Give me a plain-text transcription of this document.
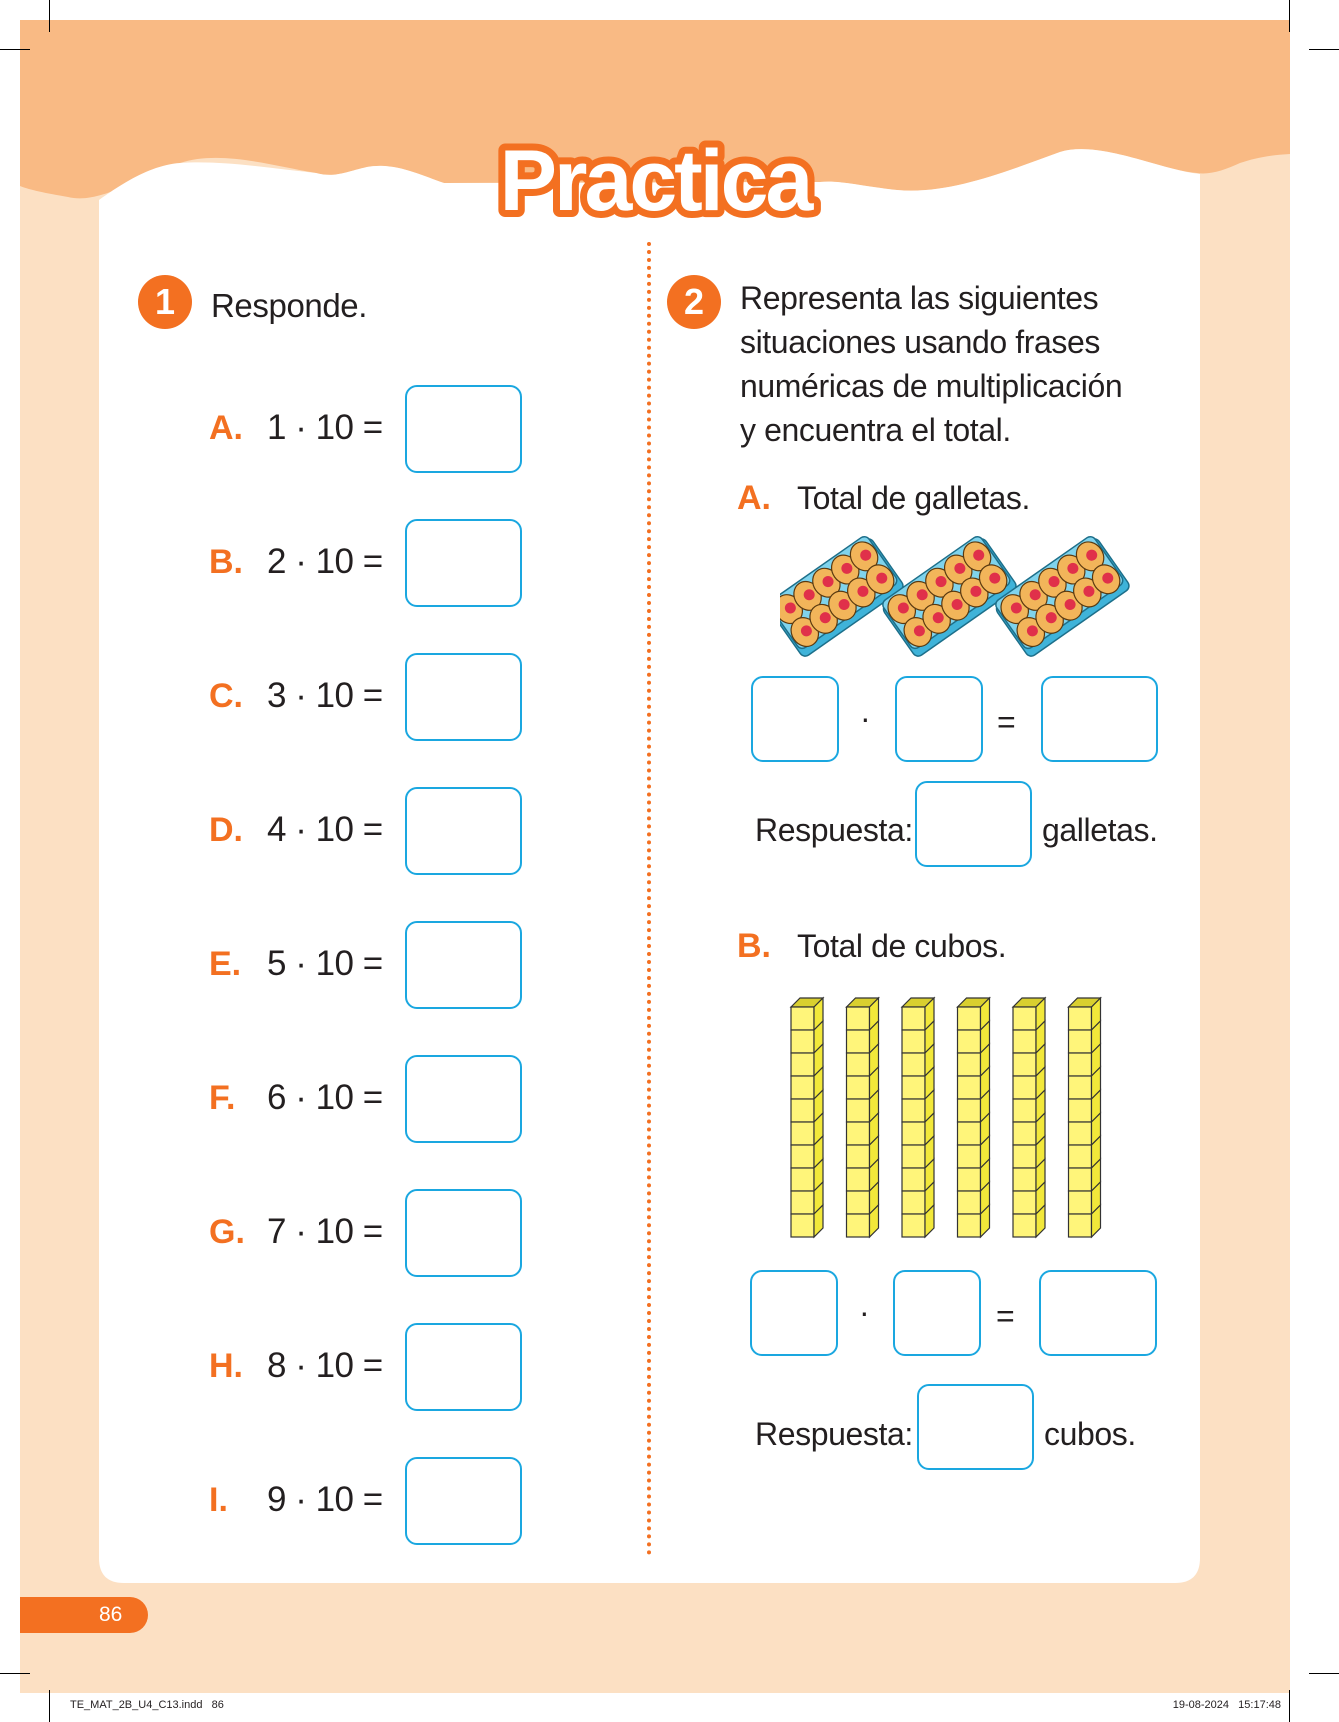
Practica
1	Responde.
A. 1 · 10 =
B. 2 · 10 =
C. 3 · 10 =
D. 4 · 10 =
E. 5 · 10 =
F. 6 · 10 =
G. 7 · 10 =
H. 8 · 10 =
I. 9 · 10 =
2	Representa las siguientes
situaciones usando frases
numéricas de multiplicación
y encuentra el total.
A. Total de galletas.
·	=
Respuesta:	galletas.
B. Total de cubos.
·	=
Respuesta:	cubos.
86
TE_MAT_2B_U4_C13.indd   86	19-08-2024   15:17:48
